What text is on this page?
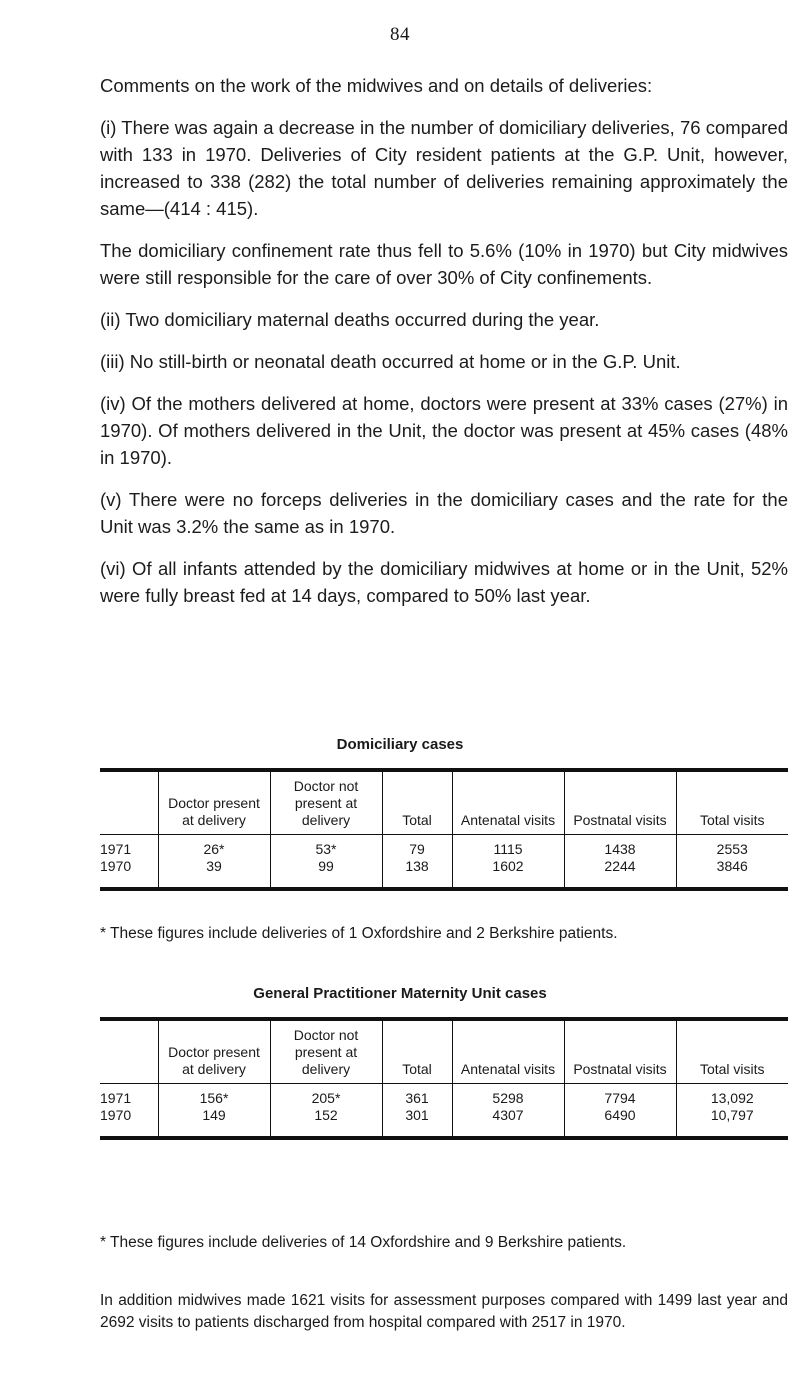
84

Comments on the work of the midwives and on details of deliveries:

(i) There was again a decrease in the number of domiciliary deliveries, 76 compared with 133 in 1970. Deliveries of City resident patients at the G.P. Unit, however, increased to 338 (282) the total number of deliveries remaining approximately the same—(414 : 415).

The domiciliary confinement rate thus fell to 5.6% (10% in 1970) but City midwives were still responsible for the care of over 30% of City confinements.

(ii) Two domiciliary maternal deaths occurred during the year.

(iii) No still-birth or neonatal death occurred at home or in the G.P. Unit.

(iv) Of the mothers delivered at home, doctors were present at 33% cases (27%) in 1970). Of mothers delivered in the Unit, the doctor was present at 45% cases (48% in 1970).

(v) There were no forceps deliveries in the domiciliary cases and the rate for the Unit was 3.2% the same as in 1970.

(vi) Of all infants attended by the domiciliary midwives at home or in the Unit, 52% were fully breast fed at 14 days, compared to 50% last year.

Domiciliary cases
	Doctor present at delivery	Doctor not present at delivery	Total	Antenatal visits	Postnatal visits	Total visits
1971	26*	53*	79	1115	1438	2553
1970	39	99	138	1602	2244	3846
* These figures include deliveries of 1 Oxfordshire and 2 Berkshire patients.
General Practitioner Maternity Unit cases
	Doctor present at delivery	Doctor not present at delivery	Total	Antenatal visits	Postnatal visits	Total visits
1971	156*	205*	361	5298	7794	13,092
1970	149	152	301	4307	6490	10,797
* These figures include deliveries of 14 Oxfordshire and 9 Berkshire patients.
In addition midwives made 1621 visits for assessment purposes compared with 1499 last year and 2692 visits to patients discharged from hospital compared with 2517 in 1970.
